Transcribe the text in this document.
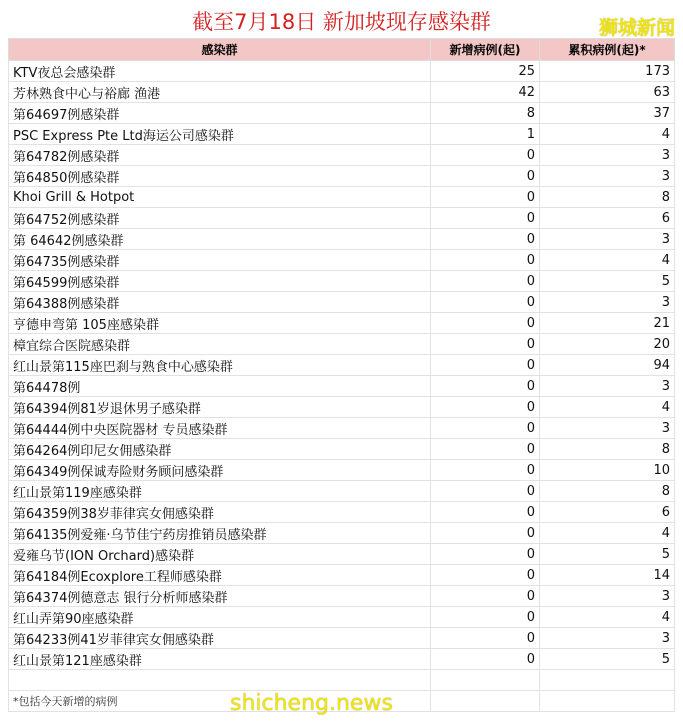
截至7月18日 新加坡现存感染群	狮城新闻
感染群	新增病例(起)	累积病例(起)*
KTV夜总会感染群	25	173
芳林熟食中心与裕廊 渔港	42	63
第64697例感染群	8	37
PSC Express Pte Ltd海运公司感染群	1	4
第64782例感染群	0	3
第64850例感染群	0	3
Khoi Grill & Hotpot	0	8
第64752例感染群	0	6
第 64642例感染群	0	3
第64735例感染群	0	4
第64599例感染群	0	5
第64388例感染群	0	3
亨德申弯第 105座感染群	0	21
樟宜综合医院感染群	0	20
红山景第115座巴刹与熟食中心感染群	0	94
第64478例	0	3
第64394例81岁退休男子感染群	0	4
第64444例中央医院器材 专员感染群	0	3
第64264例印尼女佣感染群	0	8
第64349例保诚寿险财务顾问感染群	0	10
红山景第119座感染群	0	8
第64359例38岁菲律宾女佣感染群	0	6
第64135例爱雍·乌节佳宁药房推销员感染群	0	4
爱雍乌节(ION Orchard)感染群	0	5
第64184例Ecoxplore工程师感染群	0	14
第64374例德意志 银行分析师感染群	0	3
红山弄第90座感染群	0	4
第64233例41岁菲律宾女佣感染群	0	3
红山景第121座感染群	0	5

*包括今天新增的病例			shicheng.news
